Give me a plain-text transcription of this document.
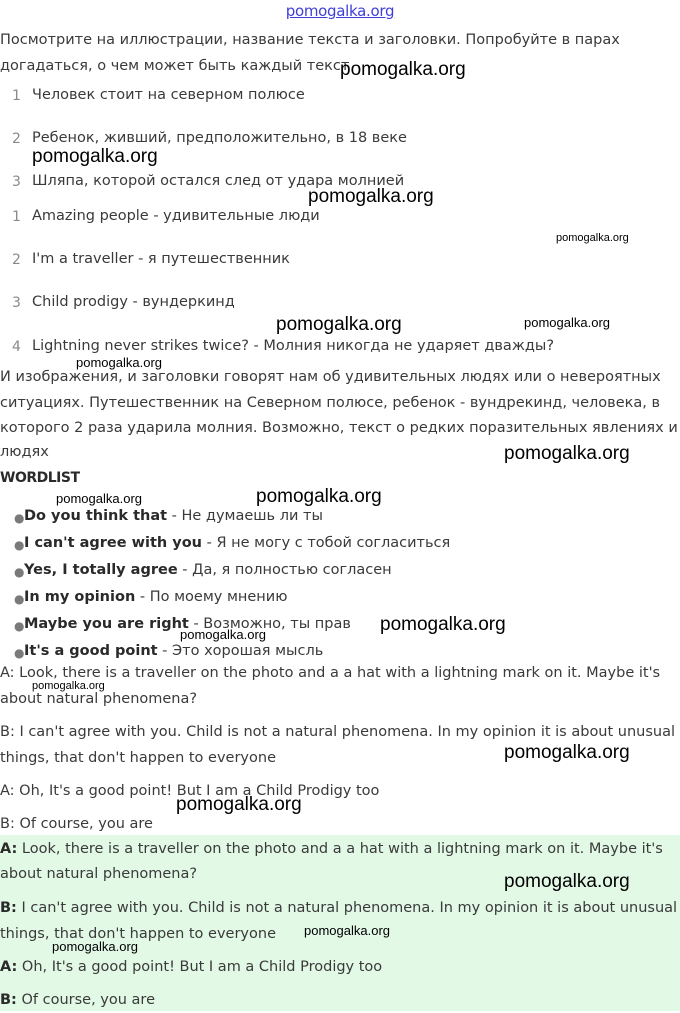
pomogalka.org
Посмотрите на иллюстрации, название текста и заголовки. Попробуйте в парах
догадаться, о чем может быть каждый текст
1 Человек стоит на северном полюсе
2 Ребенок, живший, предположительно, в 18 веке
3 Шляпа, которой остался след от удара молнией
1 Amazing people - удивительные люди
2 I'm a traveller - я путешественник
3 Child prodigy - вундеркинд
4 Lightning never strikes twice? - Молния никогда не ударяет дважды?
И изображения, и заголовки говорят нам об удивительных людях или о невероятных
ситуациях. Путешественник на Северном полюсе, ребенок - вундрекинд, человека, в
которого 2 раза ударила молния. Возможно, текст о редких поразительных явлениях и
людях
WORDLIST
● Do you think that - Не думаешь ли ты
● I can't agree with you - Я не могу с тобой согласиться
● Yes, I totally agree - Да, я полностью согласен
● In my opinion - По моему мнению
● Maybe you are right - Возможно, ты прав
● It's a good point - Это хорошая мысль
A: Look, there is a traveller on the photo and a a hat with a lightning mark on it. Maybe it's
about natural phenomena?
B: I can't agree with you. Child is not a natural phenomena. In my opinion it is about unusual
things, that don't happen to everyone
A: Oh, It's a good point! But I am a Child Prodigy too
B: Of course, you are
A: Look, there is a traveller on the photo and a a hat with a lightning mark on it. Maybe it's
about natural phenomena?
B: I can't agree with you. Child is not a natural phenomena. In my opinion it is about unusual
things, that don't happen to everyone
A: Oh, It's a good point! But I am a Child Prodigy too
B: Of course, you are
pomogalka.org
pomogalka.org
pomogalka.org
pomogalka.org
pomogalka.org	pomogalka.org
pomogalka.org
pomogalka.org
pomogalka.org	pomogalka.org
pomogalka.org
pomogalka.org
pomogalka.org
pomogalka.org
pomogalka.org
pomogalka.org
pomogalka.org
pomogalka.org
